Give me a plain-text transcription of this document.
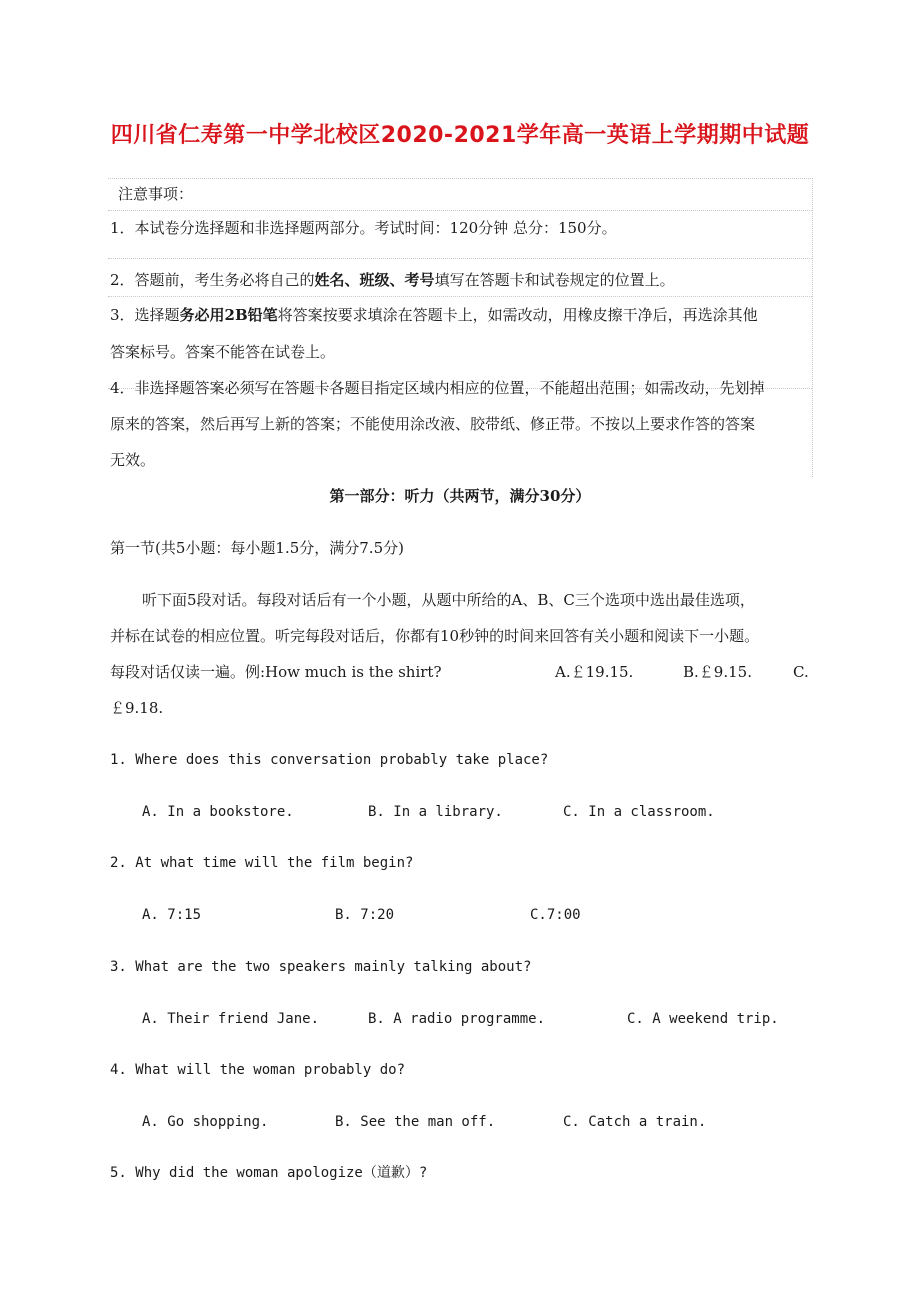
四川省仁寿第一中学北校区2020-2021学年高一英语上学期期中试题
注意事项：
1．本试卷分选择题和非选择题两部分。考试时间：120分钟 总分：150分。
2．答题前，考生务必将自己的姓名、班级、考号填写在答题卡和试卷规定的位置上。
3．选择题务必用2B铅笔将答案按要求填涂在答题卡上，如需改动，用橡皮擦干净后，再选涂其他
答案标号。答案不能答在试卷上。
4．非选择题答案必须写在答题卡各题目指定区域内相应的位置，不能超出范围；如需改动，先划掉
原来的答案，然后再写上新的答案；不能使用涂改液、胶带纸、修正带。不按以上要求作答的答案
无效。
第一部分：听力（共两节，满分30分）
第一节(共5小题：每小题1.5分，满分7.5分)
听下面5段对话。每段对话后有一个小题，从题中所给的A、B、C三个选项中选出最佳选项，
并标在试卷的相应位置。听完每段对话后，你都有10秒钟的时间来回答有关小题和阅读下一小题。
每段对话仅读一遍。例:How much is the shirt?	A.￡19.15.	B.￡9.15.	C.
￡9.18.
1. Where does this conversation probably take place?
A. In a bookstore.	B. In a library.	C. In a classroom.
2. At what time will the film begin?
A. 7:15	B. 7:20	C.7:00
3. What are the two speakers mainly talking about?
A. Their friend Jane.	B. A radio programme.	C. A weekend trip.
4. What will the woman probably do?
A. Go shopping.	B. See the man off.	C. Catch a train.
5. Why did the woman apologize（道歉）?
